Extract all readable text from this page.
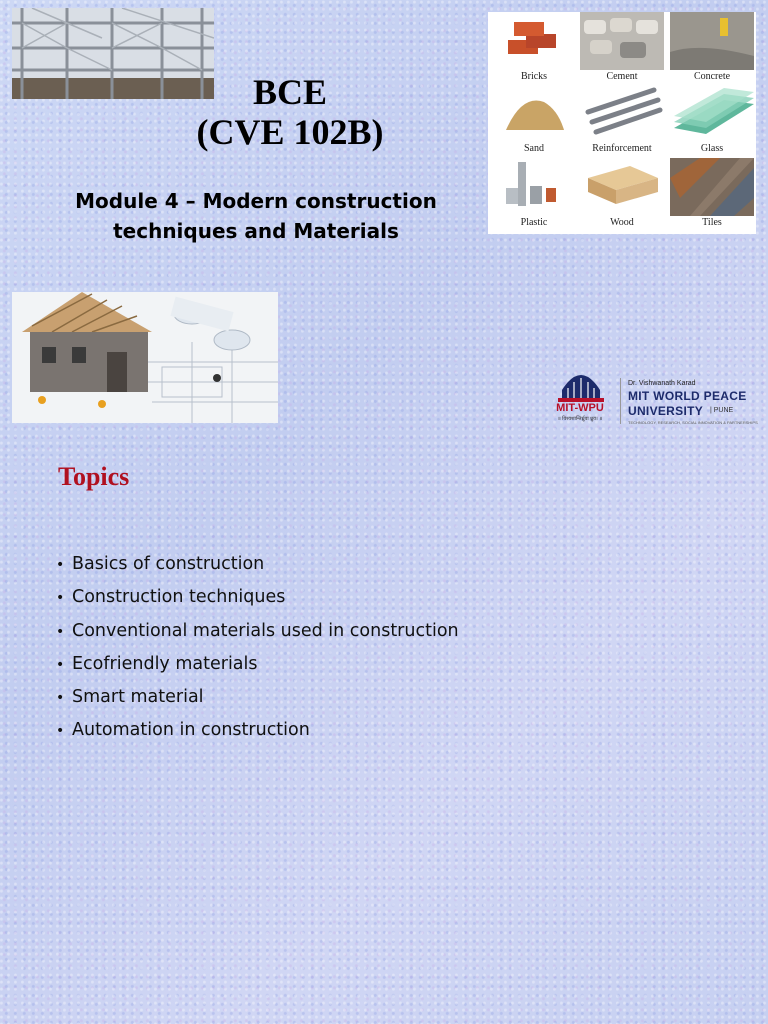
BCE
(CVE 102B)
Module 4 – Modern construction
techniques and Materials
Bricks	Cement	Concrete
Sand	Reinforcement	Glass
Plastic	Wood	Tiles
MIT-WPU
॥ विश्वशान्तिर्ध्रुवा ध्रुव। ॥
Dr. Vishwanath Karad
MIT WORLD PEACE
UNIVERSITY | PUNE
TECHNOLOGY, RESEARCH, SOCIAL INNOVATION & PARTNERSHIPS
Topics
• Basics of construction
• Construction techniques
• Conventional materials used in construction
• Ecofriendly materials
• Smart material
• Automation in construction
